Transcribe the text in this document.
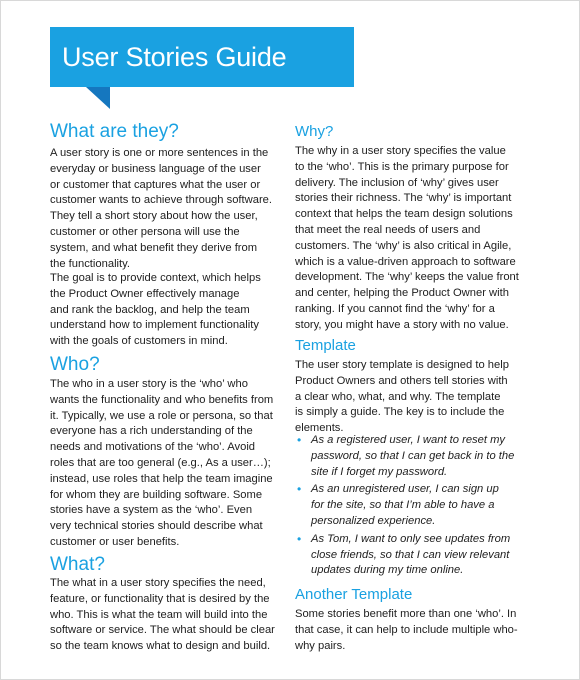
User Stories Guide
What are they?

A user story is one or more sentences in the
everyday or business language of the user
or customer that captures what the user or
customer wants to achieve through software.
They tell a short story about how the user,
customer or other persona will use the
system, and what benefit they derive from
the functionality.

The goal is to provide context, which helps
the Product Owner effectively manage
and rank the backlog, and help the team
understand how to implement functionality
with the goals of customers in mind.

Who?

The who in a user story is the ‘who’ who
wants the functionality and who benefits from
it. Typically, we use a role or persona, so that
everyone has a rich understanding of the
needs and motivations of the ‘who’. Avoid
roles that are too general (e.g., As a user…);
instead, use roles that help the team imagine
for whom they are building software. Some
stories have a system as the ‘who’. Even
very technical stories should describe what
customer or user benefits.

What?

The what in a user story specifies the need,
feature, or functionality that is desired by the
who. This is what the team will build into the
software or service. The what should be clear
so the team knows what to design and build.

Why?

The why in a user story specifies the value
to the ‘who’. This is the primary purpose for
delivery. The inclusion of ‘why’ gives user
stories their richness. The ‘why’ is important
context that helps the team design solutions
that meet the real needs of users and
customers. The ‘why’ is also critical in Agile,
which is a value-driven approach to software
development. The ‘why’ keeps the value front
and center, helping the Product Owner with
ranking. If you cannot find the ‘why’ for a
story, you might have a story with no value.

Template

The user story template is designed to help
Product Owners and others tell stories with
a clear who, what, and why. The template
is simply a guide. The key is to include the
elements.

• As a registered user, I want to reset my
password, so that I can get back in to the
site if I forget my password.
• As an unregistered user, I can sign up
for the site, so that I’m able to have a
personalized experience.
• As Tom, I want to only see updates from
close friends, so that I can view relevant
updates during my time online.
Another Template

Some stories benefit more than one ‘who’. In
that case, it can help to include multiple who-
why pairs.
